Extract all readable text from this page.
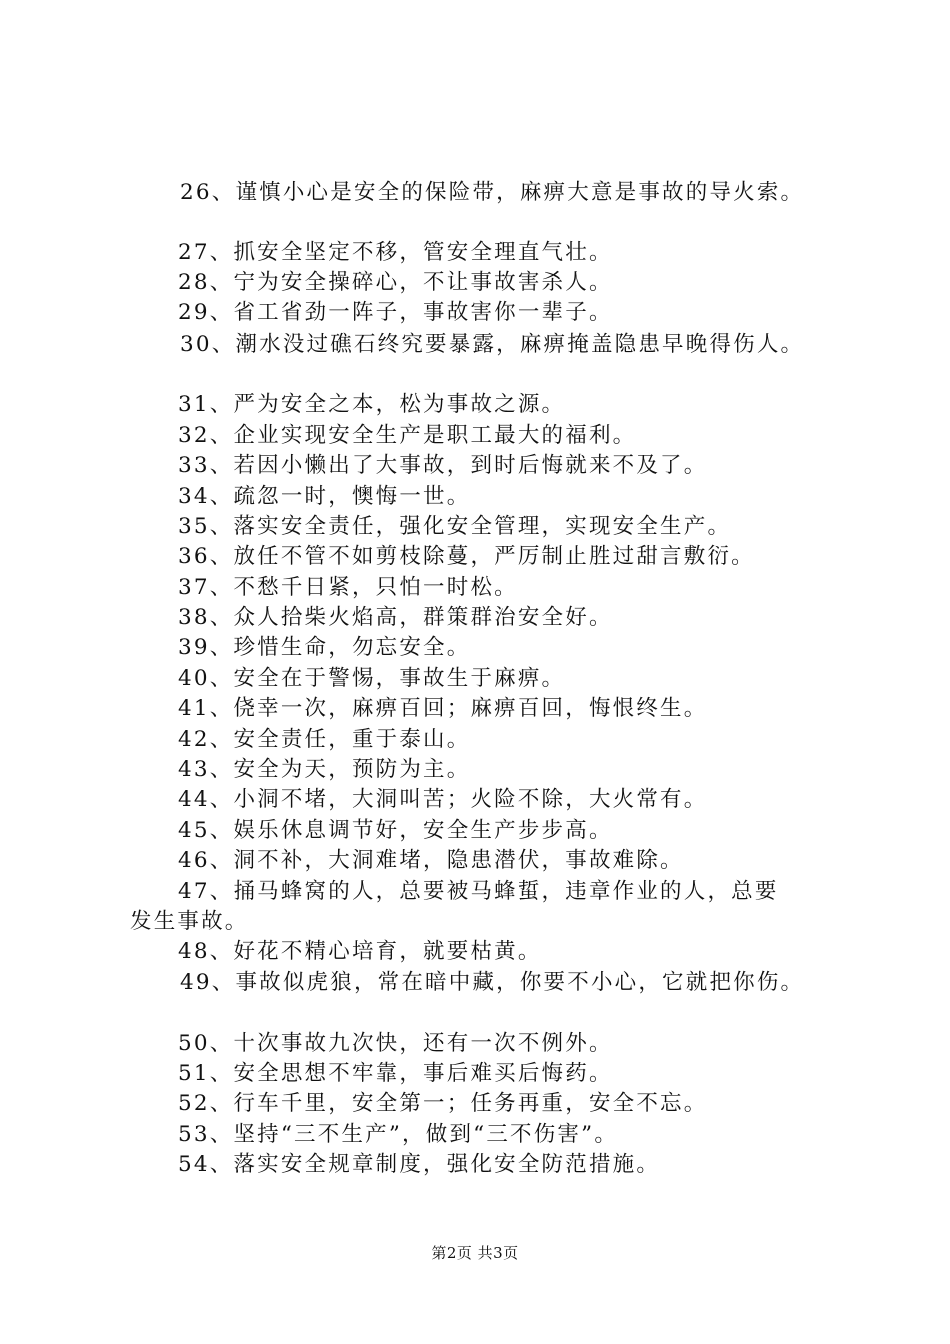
26、谨慎小心是安全的保险带，麻痹大意是事故的导火索。
27、抓安全坚定不移，管安全理直气壮。
28、宁为安全操碎心，不让事故害杀人。
29、省工省劲一阵子，事故害你一辈子。
30、潮水没过礁石终究要暴露，麻痹掩盖隐患早晚得伤人。
31、严为安全之本，松为事故之源。
32、企业实现安全生产是职工最大的福利。
33、若因小懒出了大事故，到时后悔就来不及了。
34、疏忽一时，懊悔一世。
35、落实安全责任，强化安全管理，实现安全生产。
36、放任不管不如剪枝除蔓，严厉制止胜过甜言敷衍。
37、不愁千日紧，只怕一时松。
38、众人拾柴火焰高，群策群治安全好。
39、珍惜生命，勿忘安全。
40、安全在于警惕，事故生于麻痹。
41、侥幸一次，麻痹百回；麻痹百回，悔恨终生。
42、安全责任，重于泰山。
43、安全为天，预防为主。
44、小洞不堵，大洞叫苦；火险不除，大火常有。
45、娱乐休息调节好，安全生产步步高。
46、洞不补，大洞难堵，隐患潜伏，事故难除。
47、捅马蜂窝的人，总要被马蜂蜇，违章作业的人，总要
发生事故。
48、好花不精心培育，就要枯黄。
49、事故似虎狼，常在暗中藏，你要不小心，它就把你伤。
50、十次事故九次快，还有一次不例外。
51、安全思想不牢靠，事后难买后悔药。
52、行车千里，安全第一；任务再重，安全不忘。
53、坚持“三不生产”，做到“三不伤害”。
54、落实安全规章制度，强化安全防范措施。
第2页 共3页
